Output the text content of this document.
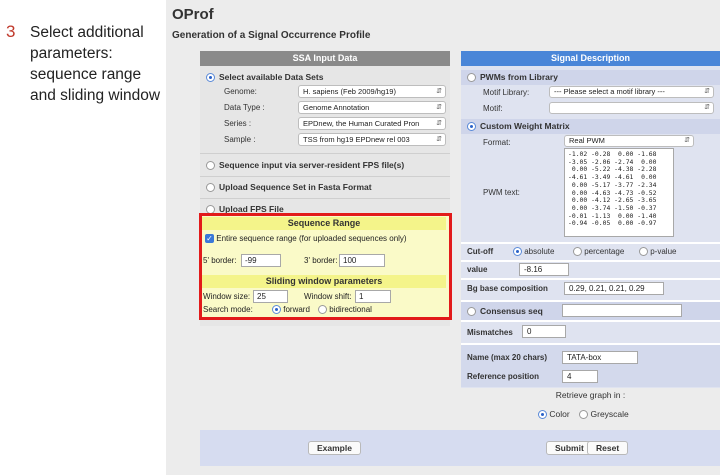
3 Select additional
parameters:
sequence range
and sliding window
OProf
Generation of a Signal Occurrence Profile
SSA Input Data
Select available Data Sets
Genome:	H. sapiens (Feb 2009/hg19)	⇵
Data Type :	Genome Annotation	⇵
Series :	EPDnew, the Human Curated Pron ⇵
Sample :	TSS from hg19 EPDnew rel 003	⇵
Sequence input via server-resident FPS file(s)
Upload Sequence Set in Fasta Format
Upload FPS File
Sequence Range
✓ Entire sequence range (for uploaded sequences only)
5' border:	-99	3' border: 100
Sliding window parameters
Window size: 25	Window shift: 1
Search mode:	forward	bidirectional
Signal Description
PWMs from Library
Motif Library:	--- Please select a motif library ---	⇵
Motif:	⇵
Custom Weight Matrix
Format:	Real PWM	⇵
PWM text:
-1.02 -0.28  0.00 -1.68
-3.05 -2.06 -2.74  0.00
0.00 -5.22 -4.38 -2.28
-4.61 -3.49 -4.61  0.00
0.00 -5.17 -3.77 -2.34
0.00 -4.63 -4.73 -0.52
0.00 -4.12 -2.65 -3.65
0.00 -3.74 -1.50 -0.37
-0.01 -1.13  0.00 -1.40
-0.94 -0.05  0.00 -0.97
Cut-off	absolute	percentage	p-value
value	-8.16
Bg base composition	0.29, 0.21, 0.21, 0.29
Consensus seq
Mismatches	0
Name (max 20 chars)	TATA-box
Reference position	4
Retrieve graph in :
Color Greyscale
Example	Submit	Reset
